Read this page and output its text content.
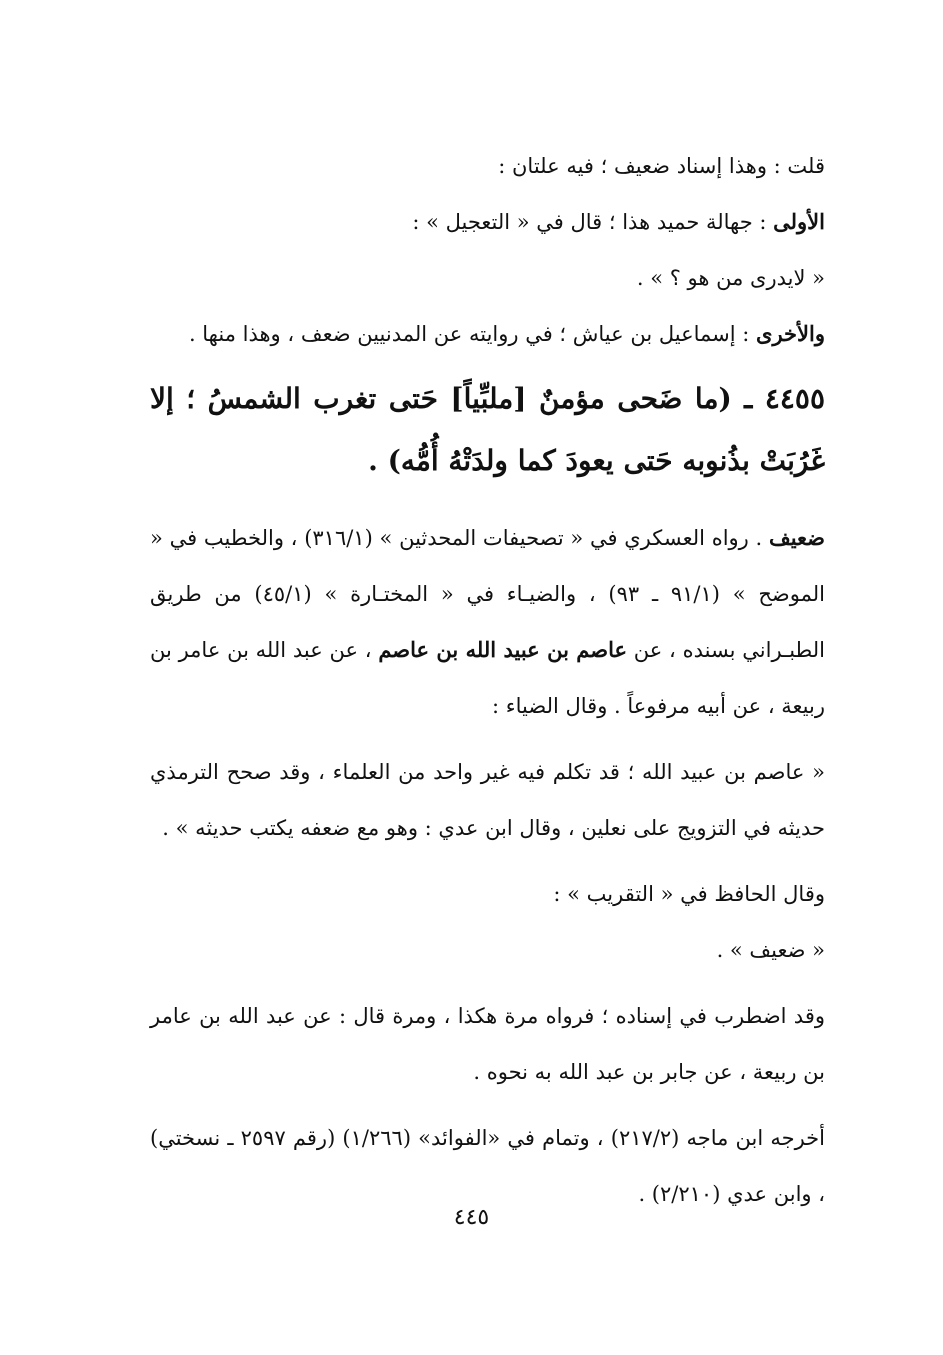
قلت : وهذا إسناد ضعيف ؛ فيه علتان :

الأولى : جهالة حميد هذا ؛ قال في « التعجيل » :

« لايدرى من هو ؟ » .

والأخرى : إسماعيل بن عياش ؛ في روايته عن المدنيين ضعف ، وهذا منها .

٤٤٥٥ ـ (ما ضَحى مؤمنٌ [ملبِّياً] حَتى تغرب الشمسُ ؛ إلا غَرُبَتْ بذُنوبه حَتى يعودَ كما ولدَتْهُ أُمُّه) .

ضعيف . رواه العسكري في « تصحيفات المحدثين » (٣١٦/١) ، والخطيب في « الموضح » (٩١/١ ـ ٩٣) ، والضيـاء في « المختـارة » (٤٥/١) من طريق الطبـراني بسنده ، عن عاصم بن عبيد الله بن عاصم ، عن عبد الله بن عامر بن ربيعة ، عن أبيه مرفوعاً . وقال الضياء :

« عاصم بن عبيد الله ؛ قد تكلم فيه غير واحد من العلماء ، وقد صحح الترمذي حديثه في التزويج على نعلين ، وقال ابن عدي : وهو مع ضعفه يكتب حديثه » .

وقال الحافظ في « التقريب » :

« ضعيف » .

وقد اضطرب في إسناده ؛ فرواه مرة هكذا ، ومرة قال : عن عبد الله بن عامر بن ربيعة ، عن جابر بن عبد الله به نحوه .

أخرجه ابن ماجه (٢١٧/٢) ، وتمام في «الفوائد» (١/٢٦٦) (رقم ٢٥٩٧ ـ نسختي) ، وابن عدي (٢/٢١٠) .

٤٤٥
